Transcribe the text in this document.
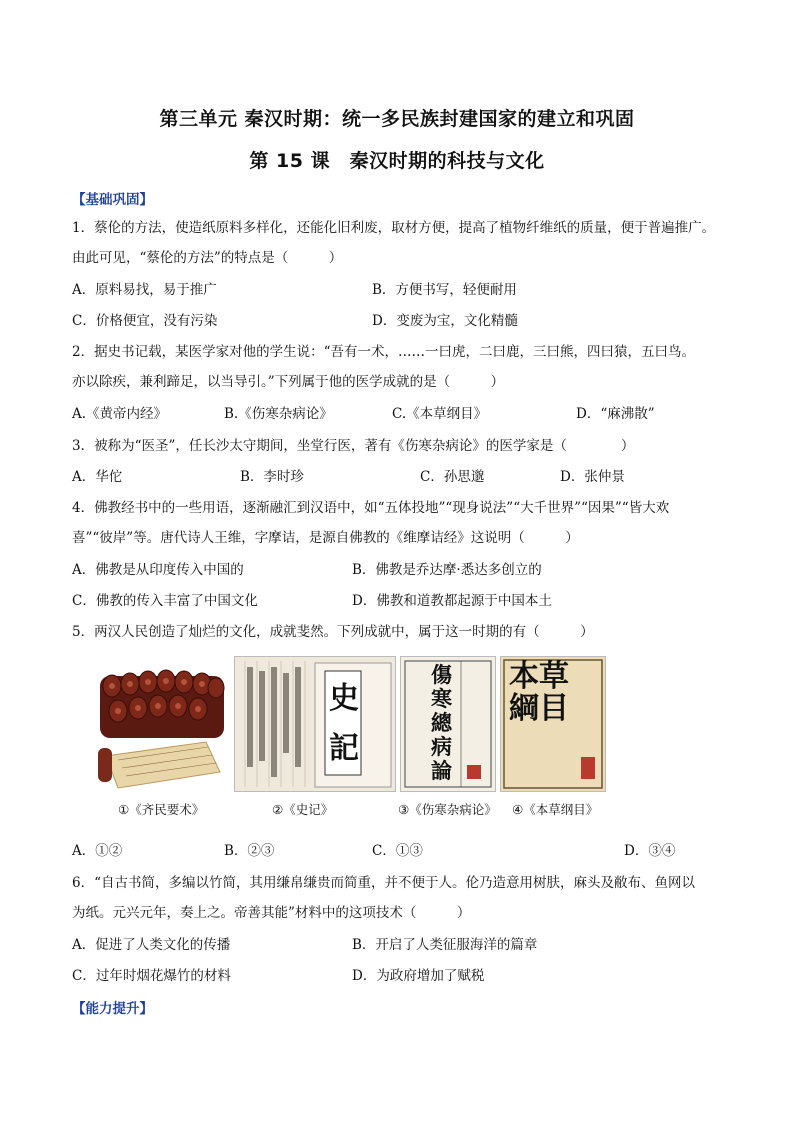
第三单元 秦汉时期：统一多民族封建国家的建立和巩固
第 15 课　秦汉时期的科技与文化
【基础巩固】
1．蔡伦的方法，使造纸原料多样化，还能化旧利废，取材方便，提高了植物纤维纸的质量，便于普遍推广。
由此可见，“蔡伦的方法”的特点是（　　　）
A．原料易找，易于推广	B．方便书写，轻便耐用
C．价格便宜，没有污染	D．变废为宝，文化精髓
2．据史书记载，某医学家对他的学生说：“吾有一术，……一曰虎，二曰鹿，三曰熊，四曰猿，五曰鸟。
亦以除疾，兼利蹄足，以当导引。”下列属于他的医学成就的是（　　　）
A.《黄帝内经》	B.《伤寒杂病论》	C.《本草纲目》	D．“麻沸散”
3．被称为“医圣”，任长沙太守期间，坐堂行医，著有《伤寒杂病论》的医学家是（　　　　）
A．华佗	B．李时珍	C．孙思邈	D．张仲景
4．佛教经书中的一些用语，逐渐融汇到汉语中，如“五体投地”“现身说法”“大千世界”“因果”“皆大欢
喜”“彼岸”等。唐代诗人王维，字摩诘，是源自佛教的《维摩诘经》这说明（　　　）
A．佛教是从印度传入中国的	B．佛教是乔达摩·悉达多创立的
C．佛教的传入丰富了中国文化	D．佛教和道教都起源于中国本土
5．两汉人民创造了灿烂的文化，成就斐然。下列成就中，属于这一时期的有（　　　）
史
記
傷
寒
總
病
論
本草
綱目
①《齐民要术》	②《史记》	③《伤寒杂病论》 ④《本草纲目》
A．①②	B．②③	C．①③	D．③④
6．“自古书简，多编以竹简，其用缣帛缣贵而简重，并不便于人。伦乃造意用树肤，麻头及敝布、鱼网以
为纸。元兴元年，奏上之。帝善其能”材料中的这项技术（　　　）
A．促进了人类文化的传播	B．开启了人类征服海洋的篇章
C．过年时烟花爆竹的材料	D．为政府增加了赋税
【能力提升】
